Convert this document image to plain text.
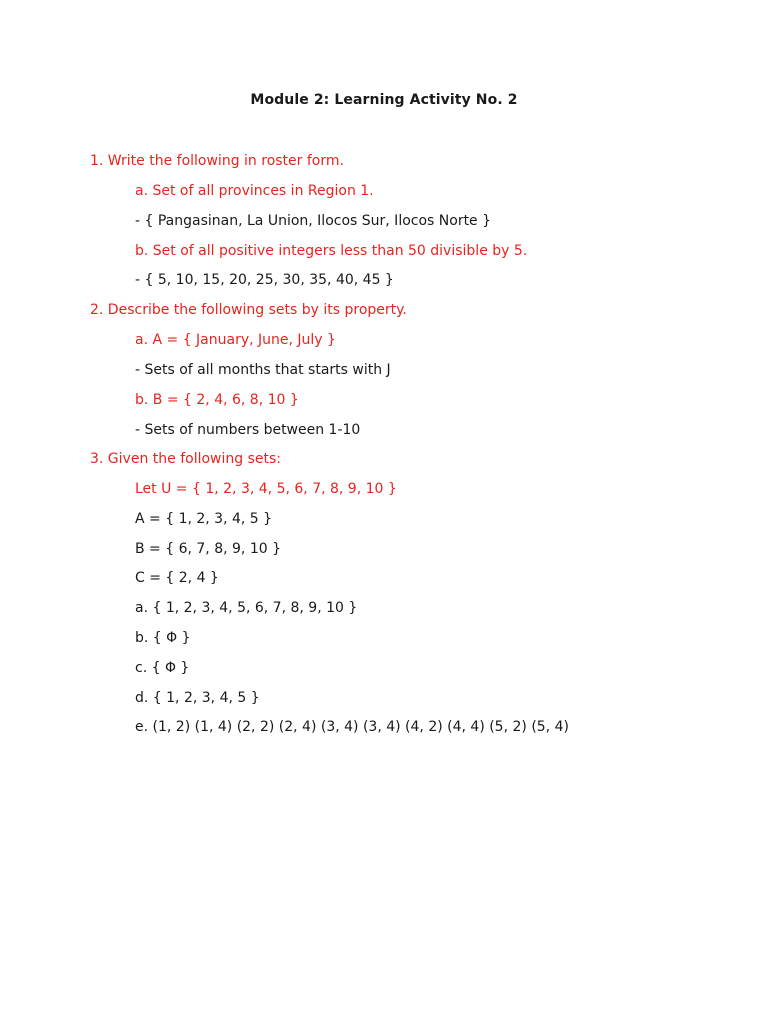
Module 2: Learning Activity No. 2
1. Write the following in roster form.
a. Set of all provinces in Region 1.
- { Pangasinan, La Union, Ilocos Sur, Ilocos Norte }
b. Set of all positive integers less than 50 divisible by 5.
- { 5, 10, 15, 20, 25, 30, 35, 40, 45 }
2. Describe the following sets by its property.
a. A = { January, June, July }
- Sets of all months that starts with J
b. B = { 2, 4, 6, 8, 10 }
- Sets of numbers between 1-10
3. Given the following sets:
Let U = { 1, 2, 3, 4, 5, 6, 7, 8, 9, 10 }
A = { 1, 2, 3, 4, 5 }
B = { 6, 7, 8, 9, 10 }
C = { 2, 4 }
a. { 1, 2, 3, 4, 5, 6, 7, 8, 9, 10 }
b. { Φ }
c. { Φ }
d. { 1, 2, 3, 4, 5 }
e. (1, 2) (1, 4) (2, 2) (2, 4) (3, 4) (3, 4) (4, 2) (4, 4) (5, 2) (5, 4)
